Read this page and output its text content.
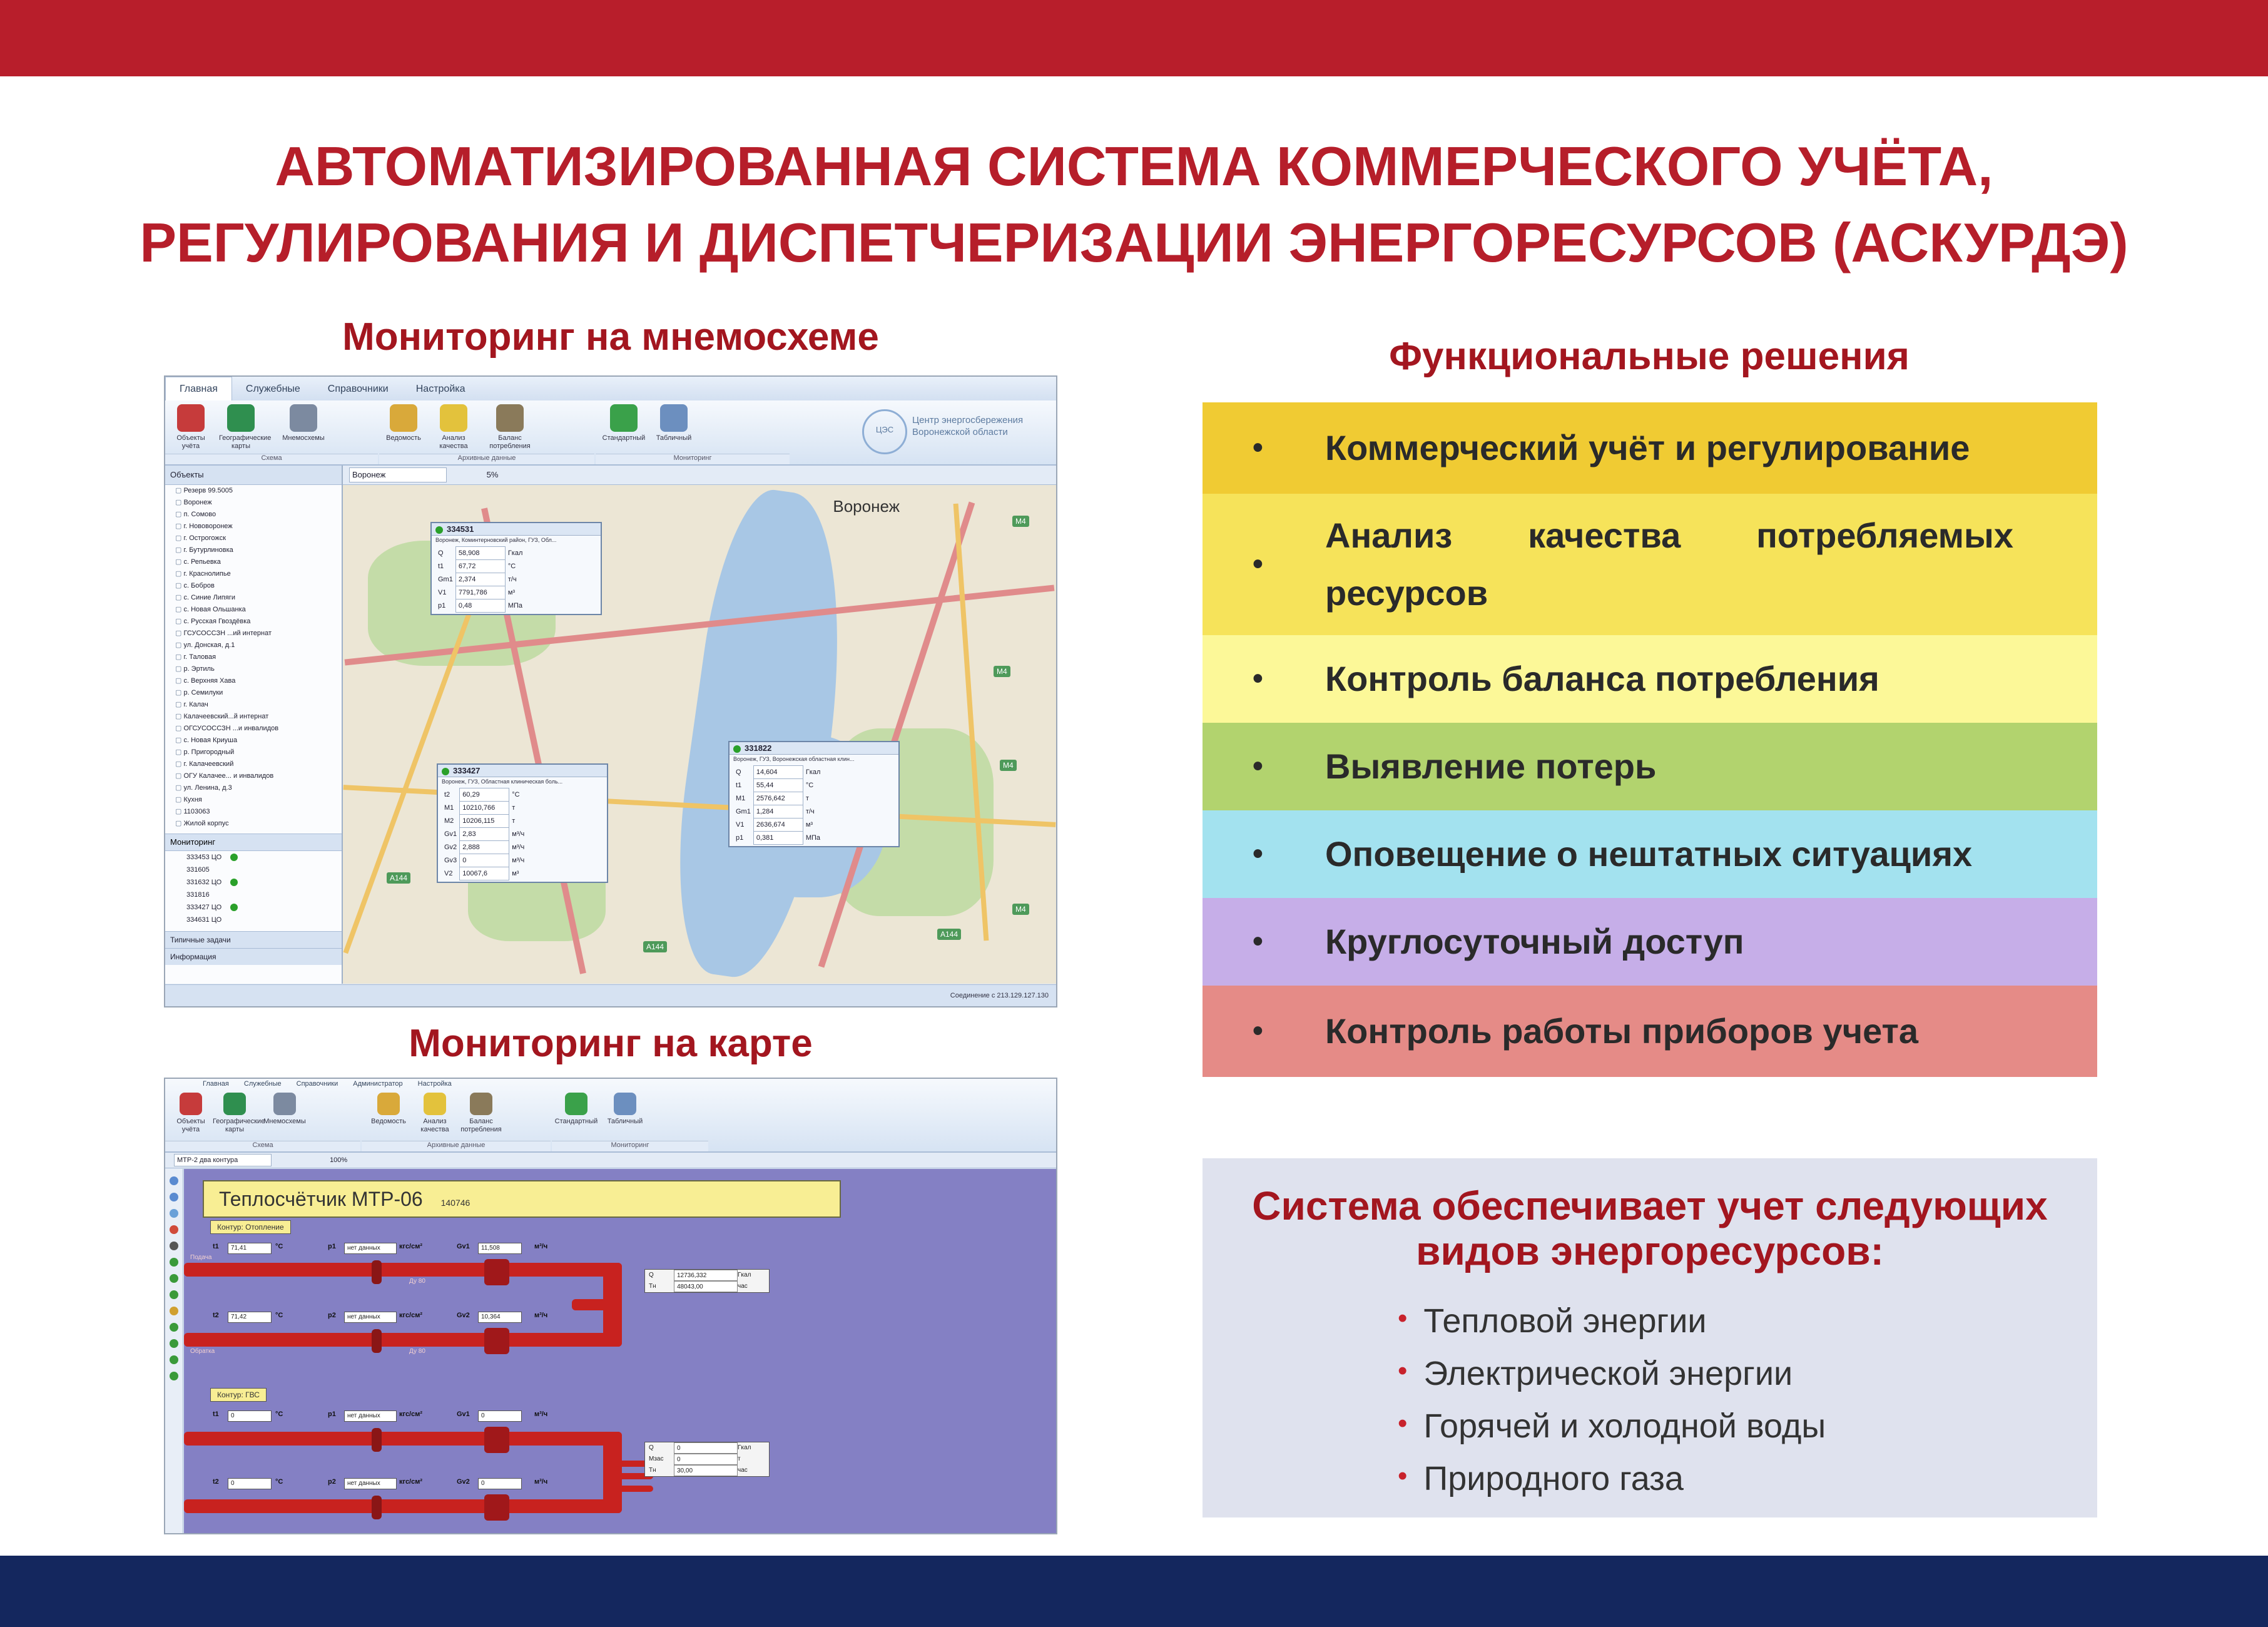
АВТОМАТИЗИРОВАННАЯ СИСТЕМА КОММЕРЧЕСКОГО УЧЁТА,
РЕГУЛИРОВАНИЯ И ДИСПЕТЧЕРИЗАЦИИ ЭНЕРГОРЕСУРСОВ (АСКУРДЭ)
Мониторинг на мнемосхеме	Функциональные решения
Мониторинг на карте
Главная	Служебные	Справочники	Настройка
Схема	Архивные данные	Мониторинг
ЦЭС
Центр энергосбережения Воронежской области
Объекты учёта
Географические карты
Мнемосхемы	Ведомость	Анализ качества
Баланс потребления
Стандартный	Табличный
Объекты
▢ Резерв 99.5005
▢ Воронеж
▢ п. Сомово
▢ г. Нововоронеж
▢ г. Острогожск
▢ г. Бутурлиновка
▢ с. Репьевка
▢ г. Краснолипье
▢ с. Бобров
▢ с. Синие Липяги
▢ с. Новая Ольшанка
▢ с. Русская Гвоздёвка
▢ ГСУСОССЗН ...ий интернат
▢ ул. Донская, д.1
▢ г. Таловая
▢ р. Эртиль
▢ с. Верхняя Хава
▢ р. Семилуки
▢ г. Калач
▢ Калачеевский...й интернат
▢ ОГСУСОССЗН ...и инвалидов
▢ с. Новая Криуша
▢ р. Пригородный
▢ г. Калачеевский
▢ ОГУ Калачее... и инвалидов
▢ ул. Ленина, д.3
▢ Кухня
▢ 1103063
▢ Жилой корпус
Мониторинг
333453 ЦО
331605
331632 ЦО
331816
333427 ЦО
334631 ЦО
Типичные задачи
Информация
Воронеж	5%
Воронеж
М4
М4
М4
М4
А144
А144
А144
334531
Воронеж, Коминтерновский район, ГУЗ, Обл...
Q	58,908	Гкал
t1	67,72	°С
Gm1	2,374	т/ч
V1	7791,786	м³
p1	0,48	МПа
333427
Воронеж, ГУЗ, Областная клиническая боль...
t2	60,29	°С
M1	10210,766	т
M2	10206,115	т
Gv1	2,83	м³/ч
Gv2	2,888	м³/ч
Gv3	0	м³/ч
V2	10067,6	м³
331822
Воронеж, ГУЗ, Воронежская областная клин...
Q	14,604	Гкал
t1	55,44	°С
M1	2576,642	т
Gm1	1,284	т/ч
V1	2636,674	м³
p1	0,381	МПа
Соединение с 213.129.127.130
Главная Служебные Справочники Администратор Настройка
Схема	Архивные данные	Мониторинг
Объекты учёта
Географические карты
Мнемосхемы	Ведомость	Анализ качества
Баланс потребления
Стандартный	Табличный
МТР-2 два контура	100%
Теплосчётчик МТР-06 140746
Контур: Отопление
Контур: ГВС
Подача
Обратка
Ду 80
Ду 80
t1	71,41	°С	p1	нет данных	кгс/см²	Gv1	11,508	м³/ч
t2	71,42	°С	p2	нет данных	кгс/см²	Gv2	10,364	м³/ч
t1	0	°С	p1	нет данных	кгс/см²	Gv1	0	м³/ч
t2	0	°С	p2	нет данных	кгс/см²	Gv2	0	м³/ч
Q	12736,332	Гкал
Tн	48043,00	час
Q	0	Гкал
Мзас	0	т
Tн	30,00	час
• Коммерческий учёт и регулирование
•
Анализ качества потребляемых ресурсов
• Контроль баланса потребления
• Выявление потерь
• Оповещение о нештатных ситуациях
• Круглосуточный доступ
• Контроль работы приборов учета
Система обеспечивает учет следующих
видов энергоресурсов:
• Тепловой энергии
• Электрической энергии
• Горячей и холодной воды
• Природного газа
